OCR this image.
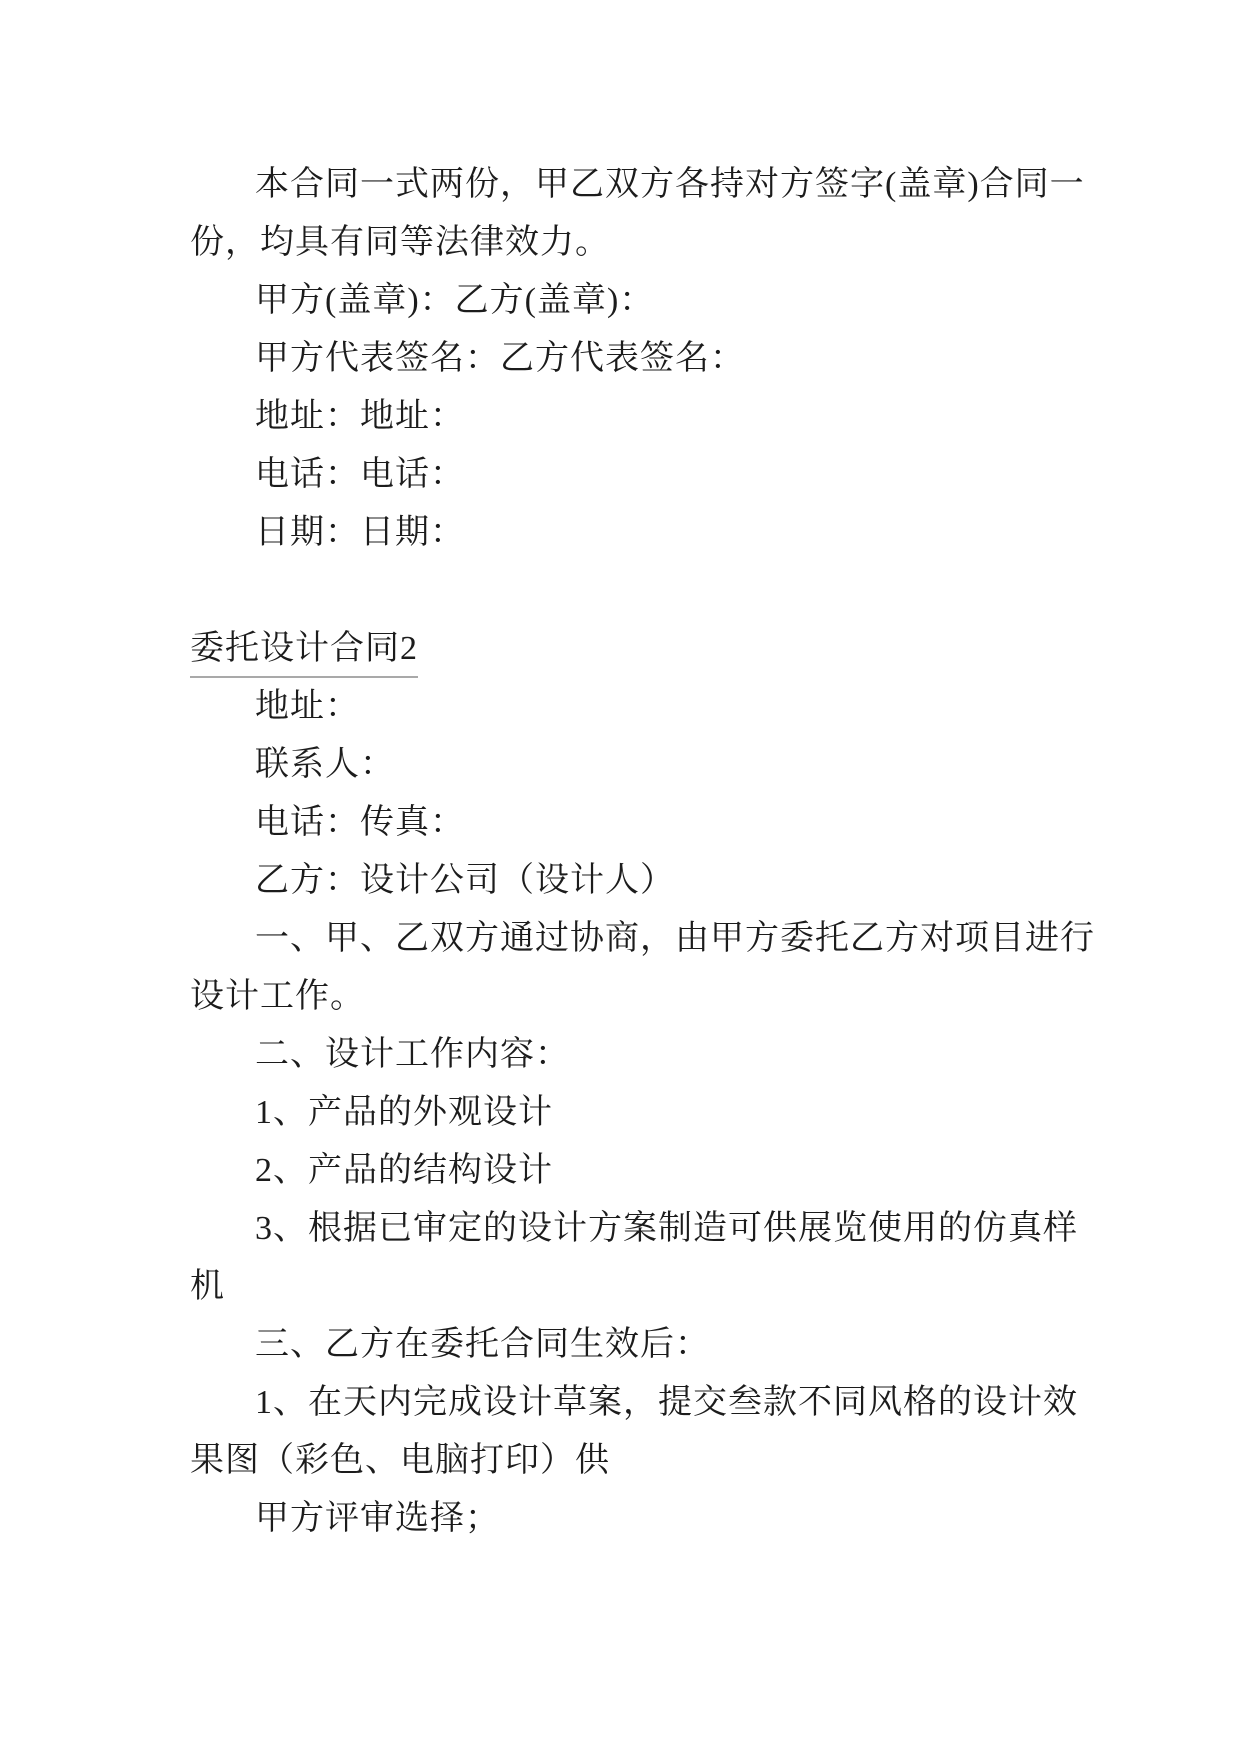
本合同一式两份，甲乙双方各持对方签字(盖章)合同一
份，均具有同等法律效力。
甲方(盖章)：乙方(盖章)：
甲方代表签名：乙方代表签名：
地址：地址：
电话：电话：
日期：日期：
委托设计合同2
地址：
联系人：
电话：传真：
乙方：设计公司（设计人）
一、甲、乙双方通过协商，由甲方委托乙方对项目进行
设计工作。
二、设计工作内容：
1、产品的外观设计
2、产品的结构设计
3、根据已审定的设计方案制造可供展览使用的仿真样
机
三、乙方在委托合同生效后：
1、在天内完成设计草案，提交叁款不同风格的设计效
果图（彩色、电脑打印）供
甲方评审选择；
